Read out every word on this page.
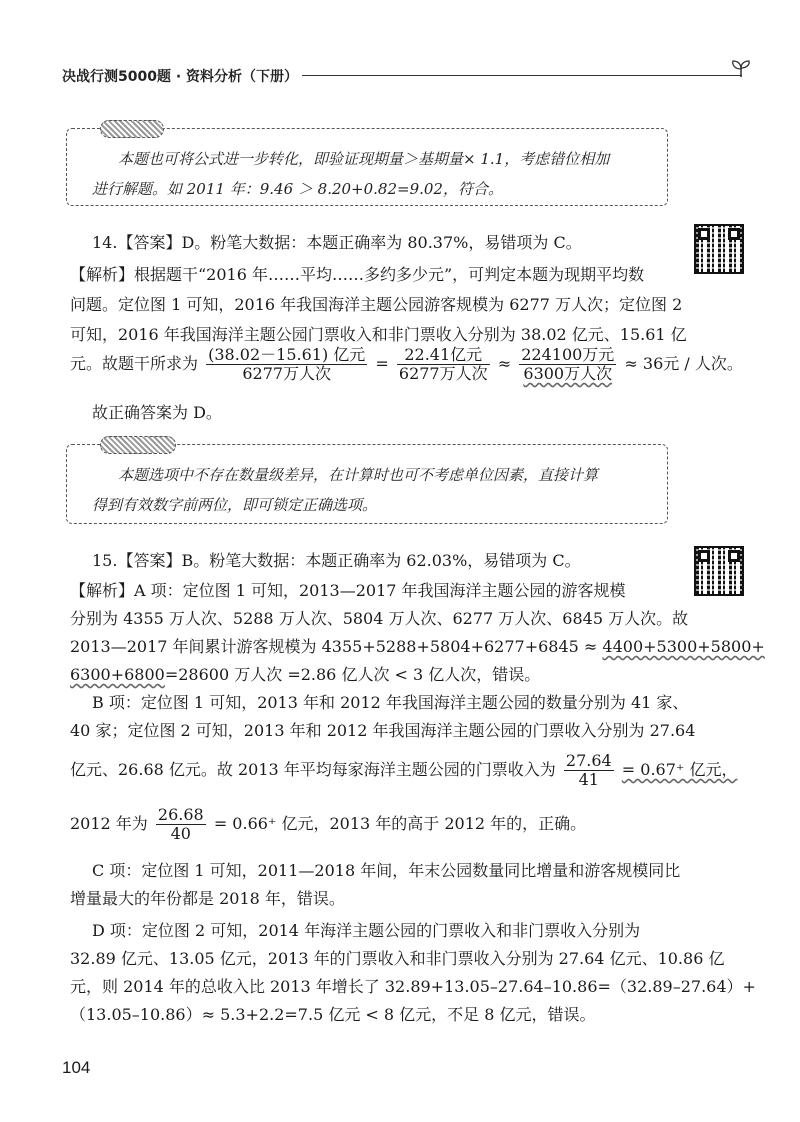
决战行测5000题 · 资料分析（下册）
本题也可将公式进一步转化，即验证现期量＞基期量× 1.1，考虑错位相加
进行解题。如 2011 年：9.46 ＞ 8.20+0.82=9.02，符合。
14.【答案】D。粉笔大数据：本题正确率为 80.37%，易错项为 C。
【解析】根据题干“2016 年……平均……多约多少元”，可判定本题为现期平均数
问题。定位图 1 可知，2016 年我国海洋主题公园游客规模为 6277 万人次；定位图 2
可知，2016 年我国海洋主题公园门票收入和非门票收入分别为 38.02 亿元、15.61 亿
元。故题干所求为 $\frac{\text{(38.02－15.61) 亿元}}{\text{6277万人次}} = \frac{\text{22.41亿元}}{\text{6277万人次}} \approx \frac{\text{224100万元}}{\text{6300万人次}} \approx 36$元 / 人次。
故正确答案为 D。
本题选项中不存在数量级差异，在计算时也可不考虑单位因素，直接计算
得到有效数字前两位，即可锁定正确选项。
15.【答案】B。粉笔大数据：本题正确率为 62.03%，易错项为 C。
【解析】A 项：定位图 1 可知，2013—2017 年我国海洋主题公园的游客规模
分别为 4355 万人次、5288 万人次、5804 万人次、6277 万人次、6845 万人次。故
2013—2017 年间累计游客规模为 4355+5288+5804+6277+6845 ≈ 4400+5300+5800+
6300+6800=28600 万人次 =2.86 亿人次 < 3 亿人次，错误。
B 项：定位图 1 可知，2013 年和 2012 年我国海洋主题公园的数量分别为 41 家、
40 家；定位图 2 可知，2013 年和 2012 年我国海洋主题公园的门票收入分别为 27.64
亿元、26.68 亿元。故 2013 年平均每家海洋主题公园的门票收入为 $\frac{27.64}{41} = 0.67^+$ 亿元，
2012 年为 $\frac{26.68}{40} = 0.66^+$ 亿元，2013 年的高于 2012 年的，正确。
C 项：定位图 1 可知，2011—2018 年间，年末公园数量同比增量和游客规模同比
增量最大的年份都是 2018 年，错误。
D 项：定位图 2 可知，2014 年海洋主题公园的门票收入和非门票收入分别为
32.89 亿元、13.05 亿元，2013 年的门票收入和非门票收入分别为 27.64 亿元、10.86 亿
元，则 2014 年的总收入比 2013 年增长了 32.89+13.05–27.64–10.86=（32.89–27.64）+
（13.05–10.86）≈ 5.3+2.2=7.5 亿元 < 8 亿元，不足 8 亿元，错误。
104
